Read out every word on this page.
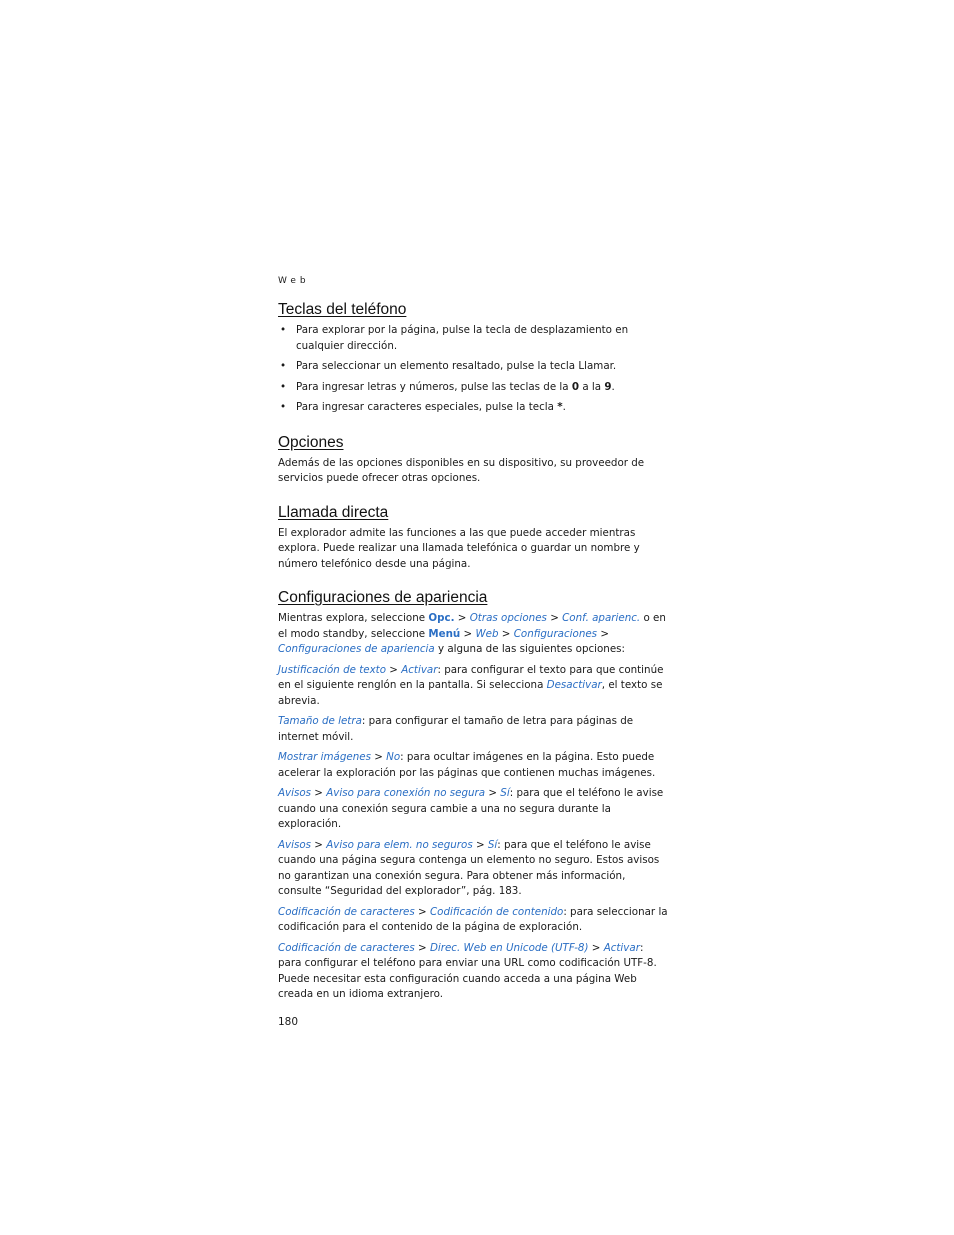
Web
Teclas del teléfono
• Para explorar por la página, pulse la tecla de desplazamiento en cualquier dirección.
• Para seleccionar un elemento resaltado, pulse la tecla Llamar.
• Para ingresar letras y números, pulse las teclas de la 0 a la 9.
• Para ingresar caracteres especiales, pulse la tecla *.
Opciones

Además de las opciones disponibles en su dispositivo, su proveedor de servicios puede ofrecer otras opciones.

Llamada directa

El explorador admite las funciones a las que puede acceder mientras explora. Puede realizar una llamada telefónica o guardar un nombre y número telefónico desde una página.

Configuraciones de apariencia

Mientras explora, seleccione Opc. > Otras opciones > Conf. aparienc. o en el modo standby, seleccione Menú > Web > Configuraciones > Configuraciones de apariencia y alguna de las siguientes opciones:

Justificación de texto > Activar: para configurar el texto para que continúe en el siguiente renglón en la pantalla. Si selecciona Desactivar, el texto se abrevia.

Tamaño de letra: para configurar el tamaño de letra para páginas de internet móvil.

Mostrar imágenes > No: para ocultar imágenes en la página. Esto puede acelerar la exploración por las páginas que contienen muchas imágenes.

Avisos > Aviso para conexión no segura > Sí: para que el teléfono le avise cuando una conexión segura cambie a una no segura durante la exploración.

Avisos > Aviso para elem. no seguros > Sí: para que el teléfono le avise cuando una página segura contenga un elemento no seguro. Estos avisos no garantizan una conexión segura. Para obtener más información, consulte “Seguridad del explorador”, pág. 183.

Codificación de caracteres > Codificación de contenido: para seleccionar la codificación para el contenido de la página de exploración.

Codificación de caracteres > Direc. Web en Unicode (UTF-8) > Activar: para configurar el teléfono para enviar una URL como codificación UTF-8. Puede necesitar esta configuración cuando acceda a una página Web creada en un idioma extranjero.

180
